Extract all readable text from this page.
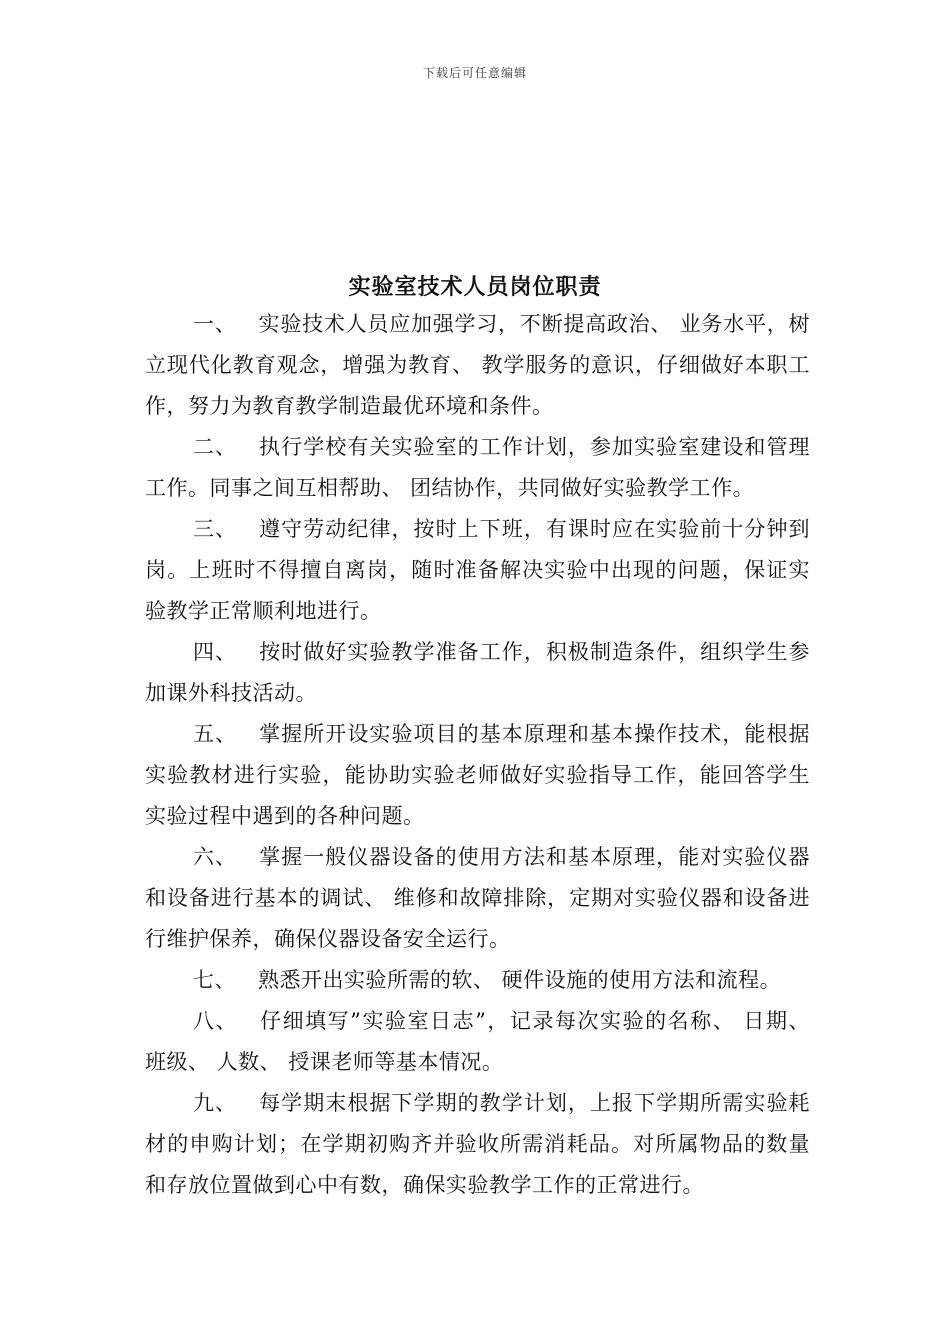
下载后可任意编辑
实验室技术人员岗位职责

一、 实验技术人员应加强学习，不断提高政治、 业务水平，树立现代化教育观念，增强为教育、 教学服务的意识，仔细做好本职工作，努力为教育教学制造最优环境和条件。

二、 执行学校有关实验室的工作计划，参加实验室建设和管理工作。同事之间互相帮助、 团结协作，共同做好实验教学工作。

三、 遵守劳动纪律，按时上下班，有课时应在实验前十分钟到岗。上班时不得擅自离岗，随时准备解决实验中出现的问题，保证实验教学正常顺利地进行。

四、 按时做好实验教学准备工作，积极制造条件，组织学生参加课外科技活动。

五、 掌握所开设实验项目的基本原理和基本操作技术，能根据实验教材进行实验，能协助实验老师做好实验指导工作，能回答学生实验过程中遇到的各种问题。

六、 掌握一般仪器设备的使用方法和基本原理，能对实验仪器和设备进行基本的调试、 维修和故障排除，定期对实验仪器和设备进行维护保养，确保仪器设备安全运行。

七、 熟悉开出实验所需的软、 硬件设施的使用方法和流程。

八、 仔细填写”实验室日志”，记录每次实验的名称、 日期、 班级、 人数、 授课老师等基本情况。

九、 每学期末根据下学期的教学计划，上报下学期所需实验耗材的申购计划；在学期初购齐并验收所需消耗品。对所属物品的数量和存放位置做到心中有数，确保实验教学工作的正常进行。
